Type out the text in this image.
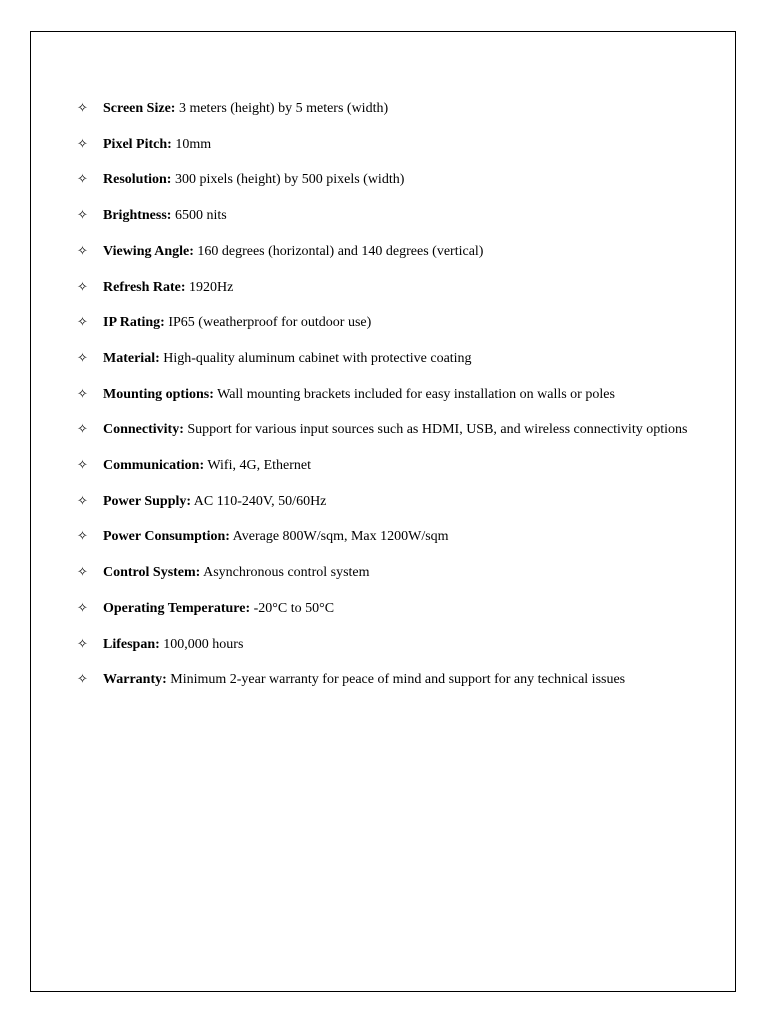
✧ Screen Size: 3 meters (height) by 5 meters (width)
✧ Pixel Pitch: 10mm
✧ Resolution: 300 pixels (height) by 500 pixels (width)
✧ Brightness: 6500 nits
✧ Viewing Angle: 160 degrees (horizontal) and 140 degrees (vertical)
✧ Refresh Rate: 1920Hz
✧ IP Rating: IP65 (weatherproof for outdoor use)
✧ Material: High-quality aluminum cabinet with protective coating
✧ Mounting options: Wall mounting brackets included for easy installation on walls or poles
✧ Connectivity: Support for various input sources such as HDMI, USB, and wireless connectivity options
✧ Communication: Wifi, 4G, Ethernet
✧ Power Supply: AC 110-240V, 50/60Hz
✧ Power Consumption: Average 800W/sqm, Max 1200W/sqm
✧ Control System: Asynchronous control system
✧ Operating Temperature: -20°C to 50°C
✧ Lifespan: 100,000 hours
✧ Warranty: Minimum 2-year warranty for peace of mind and support for any technical issues
